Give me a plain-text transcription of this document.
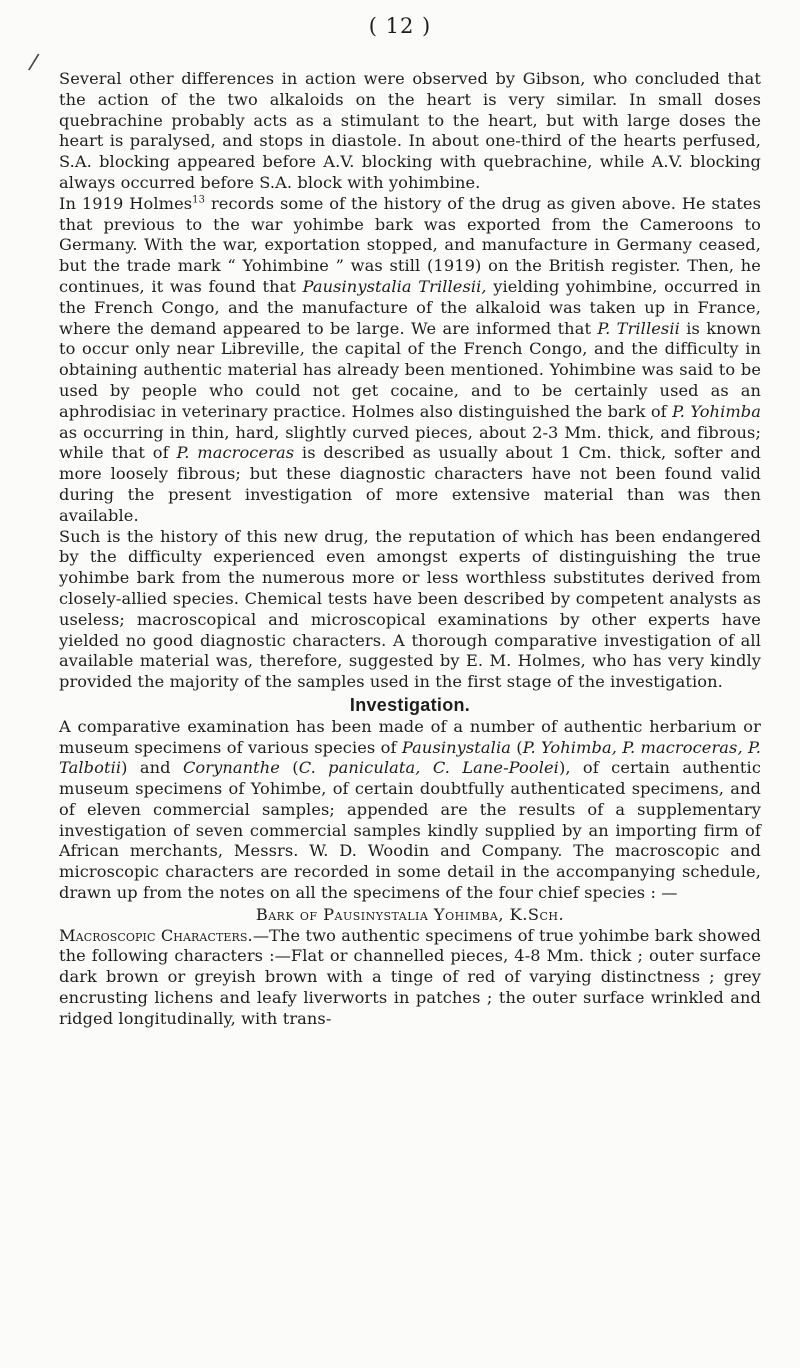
( 12 )
/

Several other differences in action were observed by Gibson, who concluded that the action of the two alkaloids on the heart is very similar. In small doses quebrachine probably acts as a stimulant to the heart, but with large doses the heart is paralysed, and stops in diastole. In about one-third of the hearts perfused, S.A. blocking appeared before A.V. blocking with quebrachine, while A.V. blocking always occurred before S.A. block with yohimbine.

In 1919 Holmes$^{13}$ records some of the history of the drug as given above. He states that previous to the war yohimbe bark was exported from the Cameroons to Germany. With the war, exportation stopped, and manufacture in Germany ceased, but the trade mark “ Yohimbine ” was still (1919) on the British register. Then, he continues, it was found that Pausinystalia Trillesii, yielding yohimbine, occurred in the French Congo, and the manufacture of the alkaloid was taken up in France, where the demand appeared to be large. We are informed that P. Trillesii is known to occur only near Libreville, the capital of the French Congo, and the difficulty in obtaining authentic material has already been mentioned. Yohimbine was said to be used by people who could not get cocaine, and to be certainly used as an aphrodisiac in veterinary practice. Holmes also distinguished the bark of P. Yohimba as occurring in thin, hard, slightly curved pieces, about 2-3 Mm. thick, and fibrous; while that of P. macroceras is described as usually about 1 Cm. thick, softer and more loosely fibrous; but these diagnostic characters have not been found valid during the present investigation of more extensive material than was then available.

Such is the history of this new drug, the reputation of which has been endangered by the difficulty experienced even amongst experts of distinguishing the true yohimbe bark from the numerous more or less worthless substitutes derived from closely-allied species. Chemical tests have been described by competent analysts as useless; macroscopical and microscopical examinations by other experts have yielded no good diagnostic characters. A thorough comparative investigation of all available material was, therefore, suggested by E. M. Holmes, who has very kindly provided the majority of the samples used in the first stage of the investigation.

Investigation.

A comparative examination has been made of a number of authentic herbarium or museum specimens of various species of Pausinystalia (P. Yohimba, P. macroceras, P. Talbotii) and Corynanthe (C. paniculata, C. Lane-Poolei), of certain authentic museum specimens of Yohimbe, of certain doubtfully authenticated specimens, and of eleven commercial samples; appended are the results of a supplementary investigation of seven commercial samples kindly supplied by an importing firm of African merchants, Messrs. W. D. Woodin and Company. The macroscopic and microscopic characters are recorded in some detail in the accompanying schedule, drawn up from the notes on all the specimens of the four chief species : —

Bark of Pausinystalia Yohimba, K.Sch.

Macroscopic Characters.—The two authentic specimens of true yohimbe bark showed the following characters :—Flat or channelled pieces, 4-8 Mm. thick ; outer surface dark brown or greyish brown with a tinge of red of varying distinctness ; grey encrusting lichens and leafy liverworts in patches ; the outer surface wrinkled and ridged longitudinally, with trans-
